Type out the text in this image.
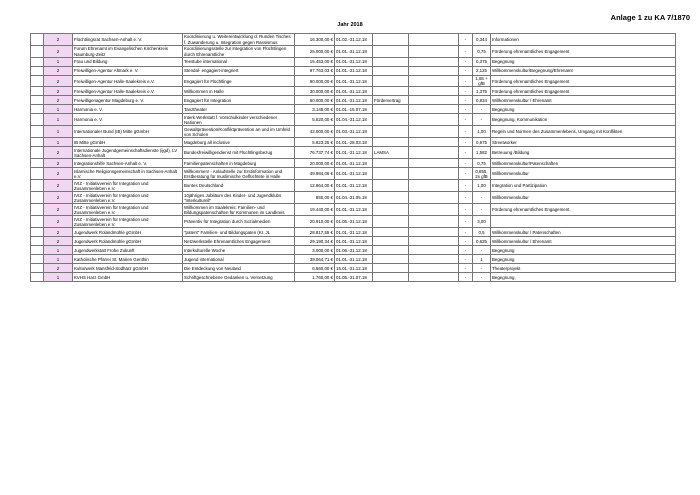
Anlage 1 zu KA 7/1870
Jahr 2018
	2	Flüchtlingsrat Sachsen-Anhalt e. V.	Koordinierung u. Weiterentwicklung d. Runden Tisches f. Zuwanderung u. Integration gegen Rassismus	16.300,00 €	01.02.-31.12.18			-	0,344	Informationen
	2	Forum Ehrenamt im Evangelischen Kirchenkreis Naumburg-Zeitz	Koordinierungsstelle zur Integration von Flüchtlingen durch Ehrenamtliche	25.000,00 €	01.01.-31.12.18			-	0,75	Förderung ehrenamtliches Engagement
	1	Frau und Bildung	Teestube international	15.453,00 €	01.01.-31.12.18			-	0,375	Begegnung
	2	Freiwilligen-Agentur Altmark e. V.	Stendal- engagiert-integriert	97.763,03 €	01.01.-31.12.18			-	2,125	Willkommenskultur/Begegnung/Ehrenamt
	2	Freiwilligen-Agentur Halle-Saalekreis e.V.	Engagiert für Flüchtlinge	90.000,00 €	01.01.-31.12.18			-	1,65 + gfB	Förderung ehrenamtliches Engagement
	2	Freiwilligen-Agentur Halle-Saalekreis e.V.	Willkommen in Halle	30.000,00 €	01.01.-31.12.18			-	1,375	Förderung ehrenamtliches Engagement
	2	Freiwilligenagentur Magdeburg e. V.	Engagiert für Integration	60.000,00 €	01.01.-31.12.18	Fördervertrag		-	0,834	Willkommenskultur / Ehrenamt
	1	Harmonia e. V.	Tanztheater	3.145,00 €	01.01.-15.07.18			-	-	Begegnung
	1	Harmonia e. V.	Interk.Werkstatt f. Vorschulkinder verschiedener Nationen	5.620,00 €	01.04.-31.12.18			-	-	Begegnung, Kommunikation
	1	Internationaler Bund (IB) Mitte gGmbH	Gewaltprävention/Konfliktprävention an und im Umfeld von Schulen	42.000,00 €	01.03.-31.12.18			-	1,00	Regeln und Normen des Zusammenlebens, Umgang mit Konflikten
	1	IB Mitte gGmbH	Magdeburg all inclusive	5.823,25 €	01.01.-28.03.18			-	0,975	Streetworker
	2	Internationale Jugendgemeinschaftsdienste (ijgd), LV Sachsen-Anhalt	Bundesfreiwilligendienst mit Flüchtlingsbezug	76.737,74 €	01.01.-31.12.18	LAMSA		-	1,582	Betreuung /Bildung
	2	Integrationshilfe Sachsen-Anhalt e. V.	Familienpatenschaften in Magdeburg	20.000,00 €	01.01.-31.12.18			-	0,75	Willkommenskultur/Patenschaften
	2	Islamische Religionsgemeinschaft in Sachsen-Anhalt e.V.	Willkommen! - Anlaufstelle zur Erstinformation und Erstberatung für muslimische Geflüchtete in Halle	49.984,06 €	01.01.-31.12.18			-	0,855, 2x gfB	Willkommenskultur
	2	IVIZ - Initiativverein für Integration und Zusammenleben e.V.	Buntes Deutschland	12.864,00 €	01.01.-31.12.18			-	1,00	Integration und Partizipation
	2	IVIZ - Initiativverein für Integration und Zusammenleben e.V.	10jähriges Jubiläum des Kinder- und Jugendklubs "Interkulturell"	850,00 €	01.04.-31.05.18			-	-	Willkommenskultur
	2	IVIZ - Initiativverein für Integration und Zusammenleben e.V.	Willkommen im Saalekreis: Familien- und Bildungspatenschaften für Kommunen im Landkreis	19.440,00 €	01.01.-31.12.18			-	-	Förderung ehrenamtliches Engagement,
	2	IVIZ - Initiativverein für Integration und Zusammenleben e.V.	Präventiv für Integration durch Sozialmedien	20.910,00 €	01.05.-31.12.18			-	3,00	
	2	Jugendwerk Rolandmühle gGmbH	"patent" Familien- und Bildungspaten (Kr. JL	28.817,55 €	01.01.-31.12.18			-	0,5	Willkommenskultur / Patenschaften
	2	Jugendwerk Rolandmühle gGmbH	Netzwerkstelle Ehrenamtliches Engagement	29.190,34 €	01.01.-31.12.18			-	0,625	Willkommenskultur / Ehrenamt
	1	Jugendwerkstatt Frohe Zukunft	Interkulturelle Woche	3.000,00 €	01.06.-31.12.18			-	-	Begegnung
	1	Katholische Pfarrei St. Marien Genthin	Jugend international	39.064,71 €	01.01.-31.12.18			-	1	Begegnung
	2	Kulturwerk Mansfeld-Südharz gGmbH	Die Entdeckung von Neuland	6.560,00 €	15.01.-31.12.18			-	-	Theaterprojekt
	1	KVHS Harz GmbH	Schriftgeschriebene Gedanken u. Vernetzung	1.760,00 €	01.05.-31.07.18			-	-	Begegnung,
